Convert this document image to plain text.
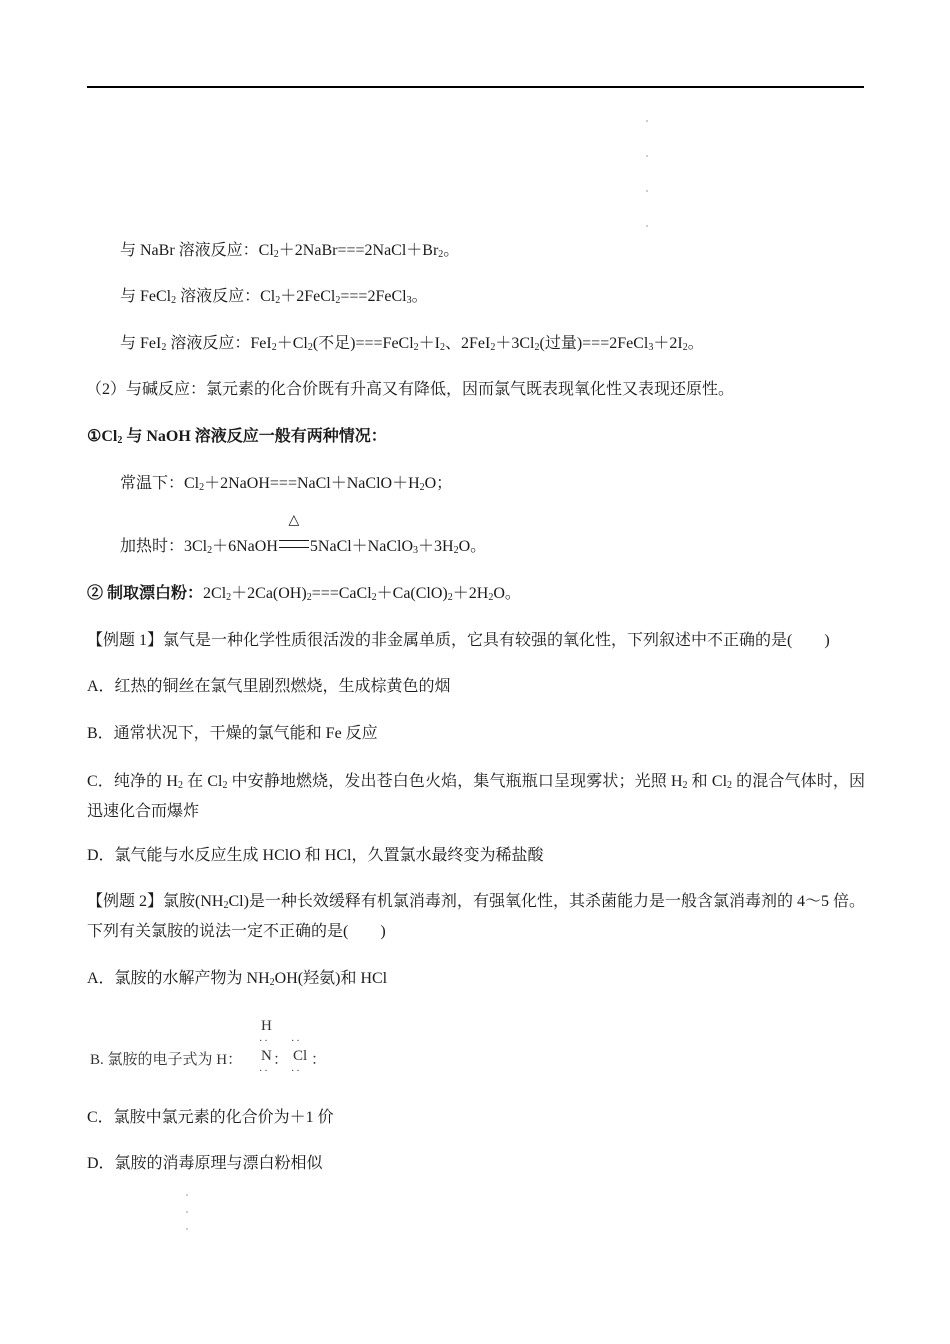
与 NaBr 溶液反应：$Cl_2+2NaBr===2NaCl+Br_2$。
与 FeCl$_2$ 溶液反应：$Cl_2+2FeCl_2===2FeCl_3$。
与 FeI$_2$ 溶液反应：$FeI_2+Cl_2$(不足)$===FeCl_2+I_2$、$2FeI_2+3Cl_2$(过量)$===2FeCl_3+2I_2$。
（2）与碱反应：氯元素的化合价既有升高又有降低，因而氯气既表现氧化性又表现还原性。
$①Cl_2$ 与 NaOH 溶液反应一般有两种情况：
常温下：$Cl_2+2NaOH===NaCl+NaClO+H_2O$；
加热时：$3Cl_2+6NaOH$
△
$5NaCl+NaClO_3+3H_2O$。
② 制取漂白粉：$2Cl_2+2Ca(OH)_2===CaCl_2+Ca(ClO)_2+2H_2O$。
【例题 1】氯气是一种化学性质很活泼的非金属单质，它具有较强的氧化性，下列叙述中不正确的是(　　)
A．红热的铜丝在氯气里剧烈燃烧，生成棕黄色的烟
B．通常状况下，干燥的氯气能和 Fe 反应
C．纯净的 $H_2$ 在 $Cl_2$ 中安静地燃烧，发出苍白色火焰，集气瓶瓶口呈现雾状；光照 $H_2$ 和 $Cl_2$ 的混合气体时，因迅速化合而爆炸
D．氯气能与水反应生成 HClO 和 HCl，久置氯水最终变为稀盐酸
【例题 2】氯胺$(NH_2Cl)$是一种长效缓释有机氯消毒剂，有强氧化性，其杀菌能力是一般含氯消毒剂的 4～5 倍。下列有关氯胺的说法一定不正确的是(　　)
A．氯胺的水解产物为 $NH_2OH$(羟氨)和 HCl
B. 氯胺的电子式为 H：
H
··
N ：
··
··
Cl ：
··
C．氯胺中氯元素的化合价为＋1 价
D．氯胺的消毒原理与漂白粉相似
